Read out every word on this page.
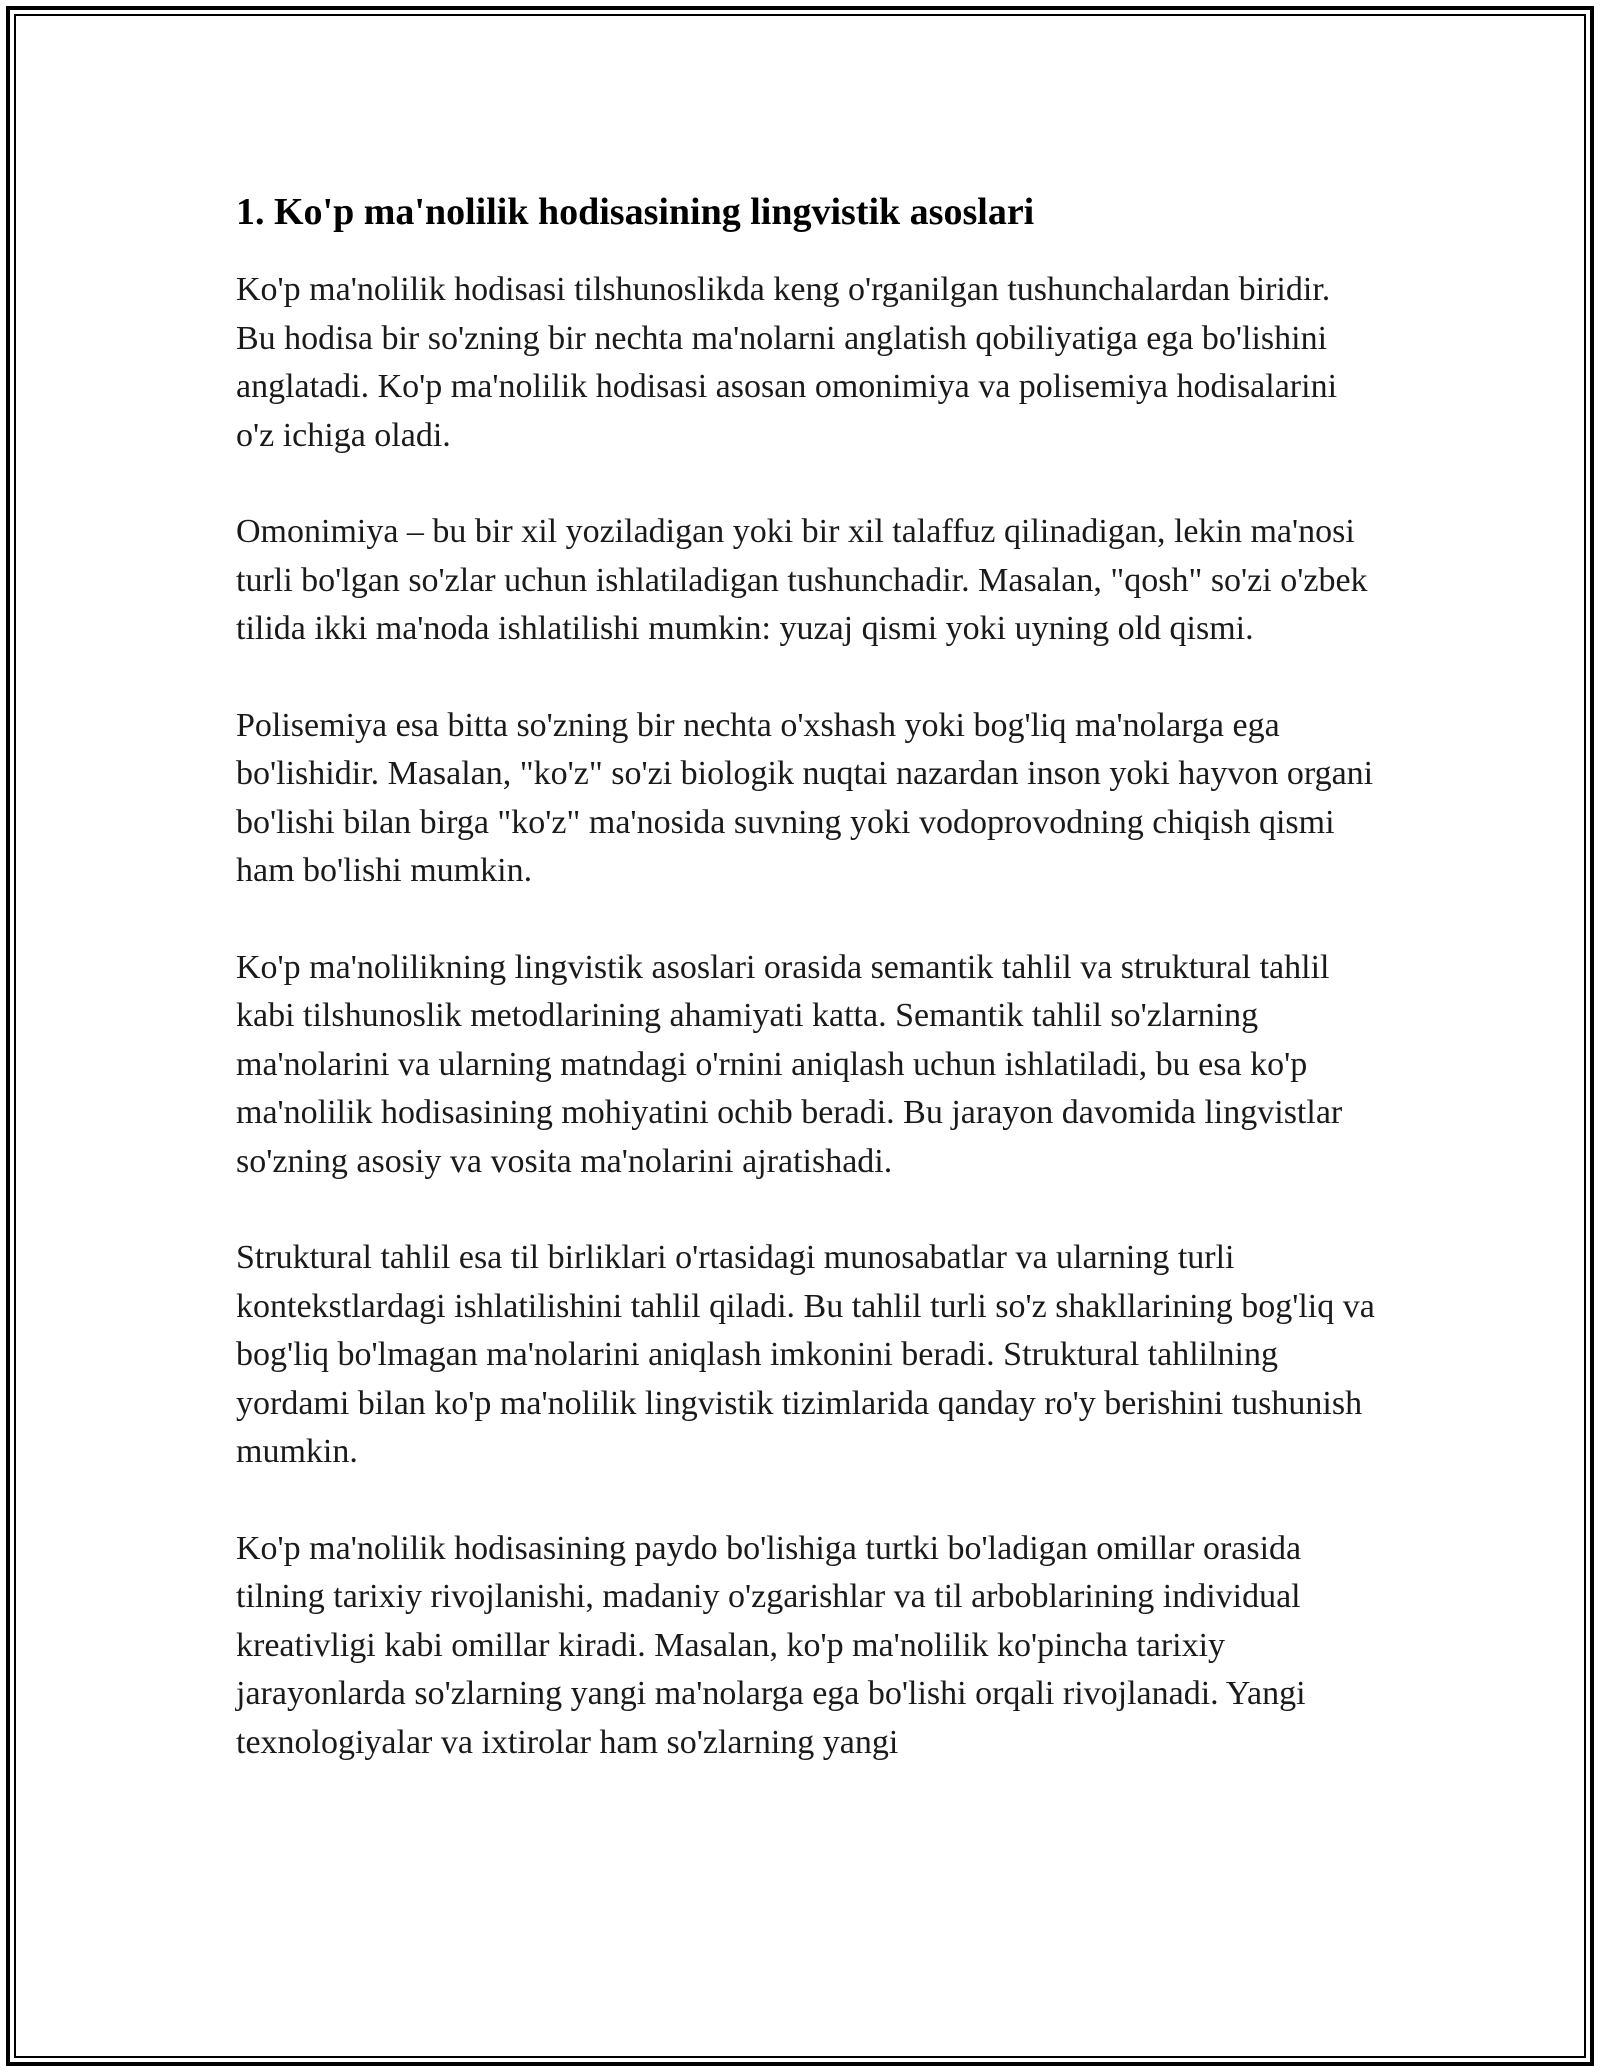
1. Ko'p ma'nolilik hodisasining lingvistik asoslari

Ko'p ma'nolilik hodisasi tilshunoslikda keng o'rganilgan tushunchalardan biridir. Bu hodisa bir so'zning bir nechta ma'nolarni anglatish qobiliyatiga ega bo'lishini anglatadi. Ko'p ma'nolilik hodisasi asosan omonimiya va polisemiya hodisalarini o'z ichiga oladi.

Omonimiya – bu bir xil yoziladigan yoki bir xil talaffuz qilinadigan, lekin ma'nosi turli bo'lgan so'zlar uchun ishlatiladigan tushunchadir. Masalan, "qosh" so'zi o'zbek tilida ikki ma'noda ishlatilishi mumkin: yuzaj qismi yoki uyning old qismi.

Polisemiya esa bitta so'zning bir nechta o'xshash yoki bog'liq ma'nolarga ega bo'lishidir. Masalan, "ko'z" so'zi biologik nuqtai nazardan inson yoki hayvon organi bo'lishi bilan birga "ko'z" ma'nosida suvning yoki vodoprovodning chiqish qismi ham bo'lishi mumkin.

Ko'p ma'nolilikning lingvistik asoslari orasida semantik tahlil va struktural tahlil kabi tilshunoslik metodlarining ahamiyati katta. Semantik tahlil so'zlarning ma'nolarini va ularning matndagi o'rnini aniqlash uchun ishlatiladi, bu esa ko'p ma'nolilik hodisasining mohiyatini ochib beradi. Bu jarayon davomida lingvistlar so'zning asosiy va vosita ma'nolarini ajratishadi.

Struktural tahlil esa til birliklari o'rtasidagi munosabatlar va ularning turli kontekstlardagi ishlatilishini tahlil qiladi. Bu tahlil turli so'z shakllarining bog'liq va bog'liq bo'lmagan ma'nolarini aniqlash imkonini beradi. Struktural tahlilning yordami bilan ko'p ma'nolilik lingvistik tizimlarida qanday ro'y berishini tushunish mumkin.

Ko'p ma'nolilik hodisasining paydo bo'lishiga turtki bo'ladigan omillar orasida tilning tarixiy rivojlanishi, madaniy o'zgarishlar va til arboblarining individual kreativligi kabi omillar kiradi. Masalan, ko'p ma'nolilik ko'pincha tarixiy jarayonlarda so'zlarning yangi ma'nolarga ega bo'lishi orqali rivojlanadi. Yangi texnologiyalar va ixtirolar ham so'zlarning yangi
